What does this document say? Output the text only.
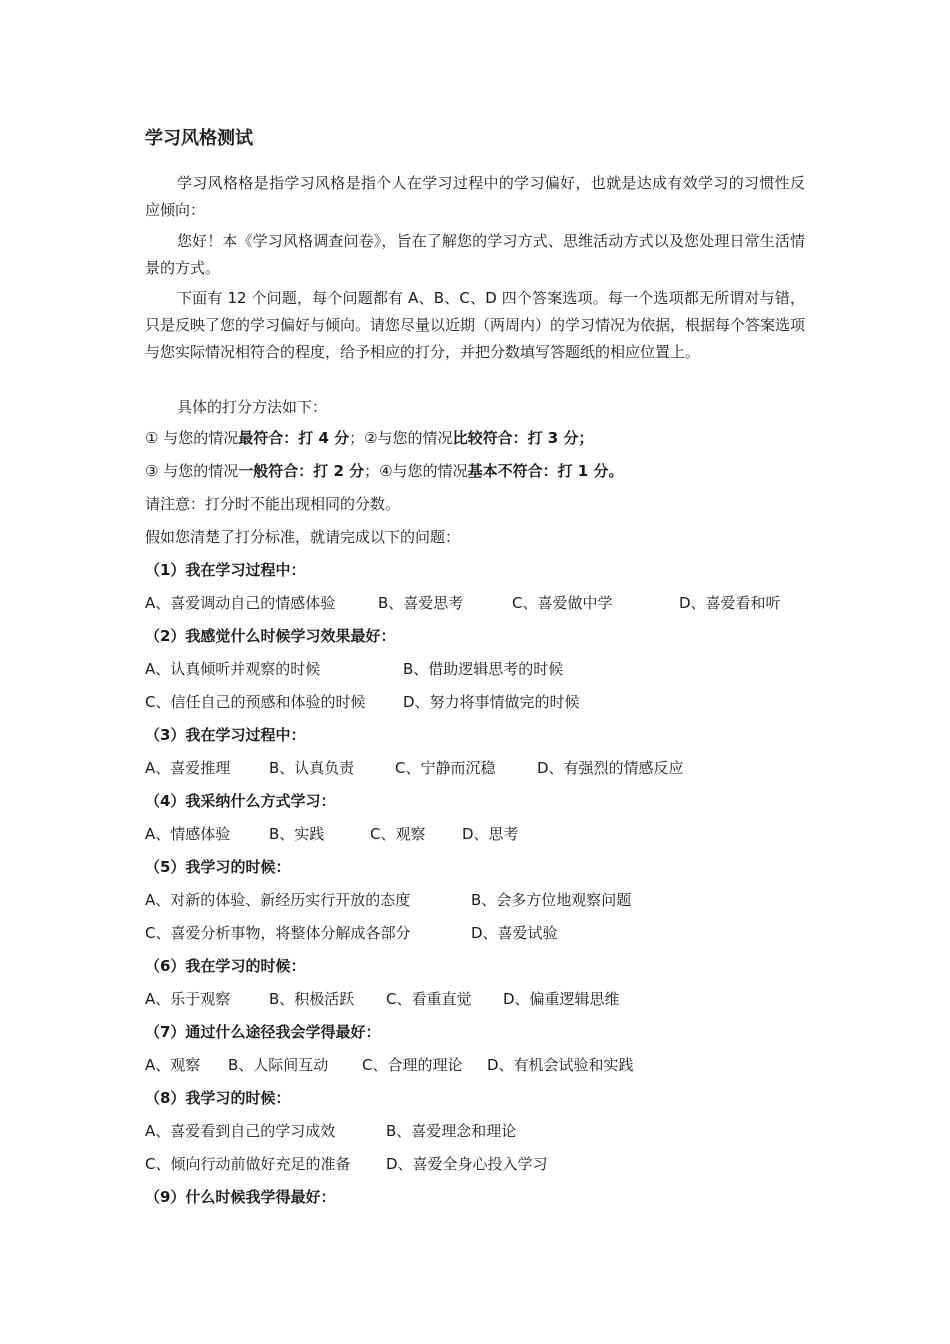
学习风格测试
学习风格格是指学习风格是指个人在学习过程中的学习偏好，也就是达成有效学习的习惯性反应倾向：
您好！本《学习风格调查问卷》，旨在了解您的学习方式、思维活动方式以及您处理日常生活情景的方式。
下面有 12 个问题，每个问题都有 A、B、C、D 四个答案选项。每一个选项都无所谓对与错，只是反映了您的学习偏好与倾向。请您尽量以近期（两周内）的学习情况为依据，根据每个答案选项与您实际情况相符合的程度，给予相应的打分，并把分数填写答题纸的相应位置上。
具体的打分方法如下：
① 与您的情况最符合：打 4 分；②与您的情况比较符合：打 3 分；
③ 与您的情况一般符合：打 2 分；④与您的情况基本不符合：打 1 分。
请注意：打分时不能出现相同的分数。
假如您清楚了打分标准，就请完成以下的问题：
（1）我在学习过程中：
A、喜爱调动自己的情感体验	B、喜爱思考	C、喜爱做中学	D、喜爱看和听
（2）我感觉什么时候学习效果最好：
A、认真倾听并观察的时候	B、借助逻辑思考的时候
C、信任自己的预感和体验的时候	D、努力将事情做完的时候
（3）我在学习过程中：
A、喜爱推理	B、认真负责	C、宁静而沉稳	D、有强烈的情感反应
（4）我采纳什么方式学习：
A、情感体验	B、实践	C、观察 D、思考
（5）我学习的时候：
A、对新的体验、新经历实行开放的态度	B、会多方位地观察问题
C、喜爱分析事物，将整体分解成各部分	D、喜爱试验
（6）我在学习的时候：
A、乐于观察	B、积极活跃 C、看重直觉 D、偏重逻辑思维
（7）通过什么途径我会学得最好：
A、观察 B、人际间互动 C、合理的理论 D、有机会试验和实践
（8）我学习的时候：
A、喜爱看到自己的学习成效	B、喜爱理念和理论
C、倾向行动前做好充足的准备 D、喜爱全身心投入学习
（9）什么时候我学得最好：
